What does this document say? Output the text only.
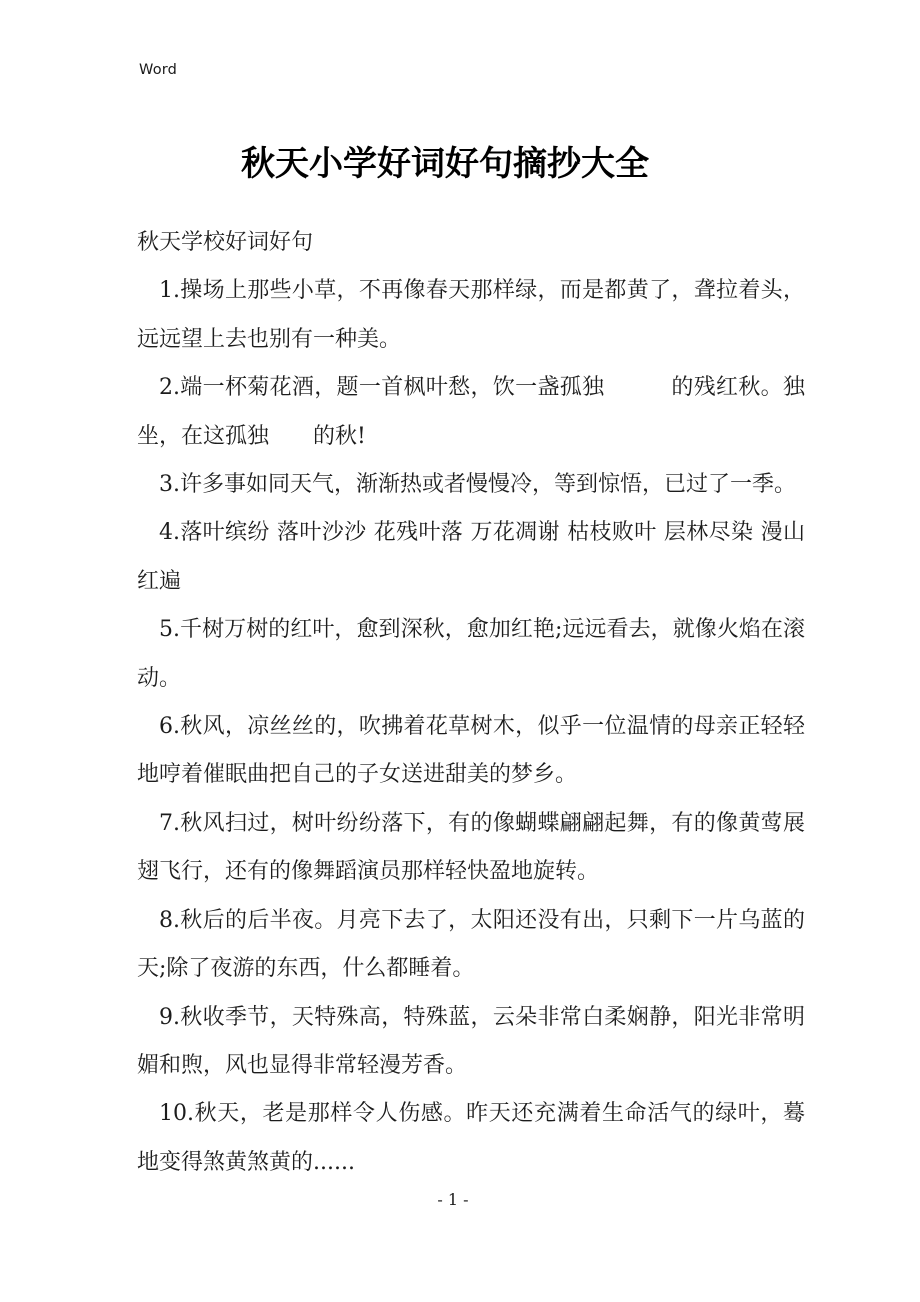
Word
秋天小学好词好句摘抄大全

秋天学校好词好句

1.操场上那些小草，不再像春天那样绿，而是都黄了，聋拉着头，远远望上去也别有一种美。

2.端一杯菊花酒，题一首枫叶愁，饮一盏孤独　　　的残红秋。独坐，在这孤独　　的秋!

3.许多事如同天气，渐渐热或者慢慢冷，等到惊悟，已过了一季。

4.落叶缤纷 落叶沙沙 花残叶落 万花凋谢 枯枝败叶 层林尽染 漫山红遍

5.千树万树的红叶，愈到深秋，愈加红艳;远远看去，就像火焰在滚动。

6.秋风，凉丝丝的，吹拂着花草树木，似乎一位温情的母亲正轻轻地哼着催眠曲把自己的子女送进甜美的梦乡。

7.秋风扫过，树叶纷纷落下，有的像蝴蝶翩翩起舞，有的像黄莺展翅飞行，还有的像舞蹈演员那样轻快盈地旋转。

8.秋后的后半夜。月亮下去了，太阳还没有出，只剩下一片乌蓝的天;除了夜游的东西，什么都睡着。

9.秋收季节，天特殊高，特殊蓝，云朵非常白柔娴静，阳光非常明媚和煦，风也显得非常轻漫芳香。

10.秋天，老是那样令人伤感。昨天还充满着生命活气的绿叶，蓦地变得煞黄煞黄的......

- 1 -
